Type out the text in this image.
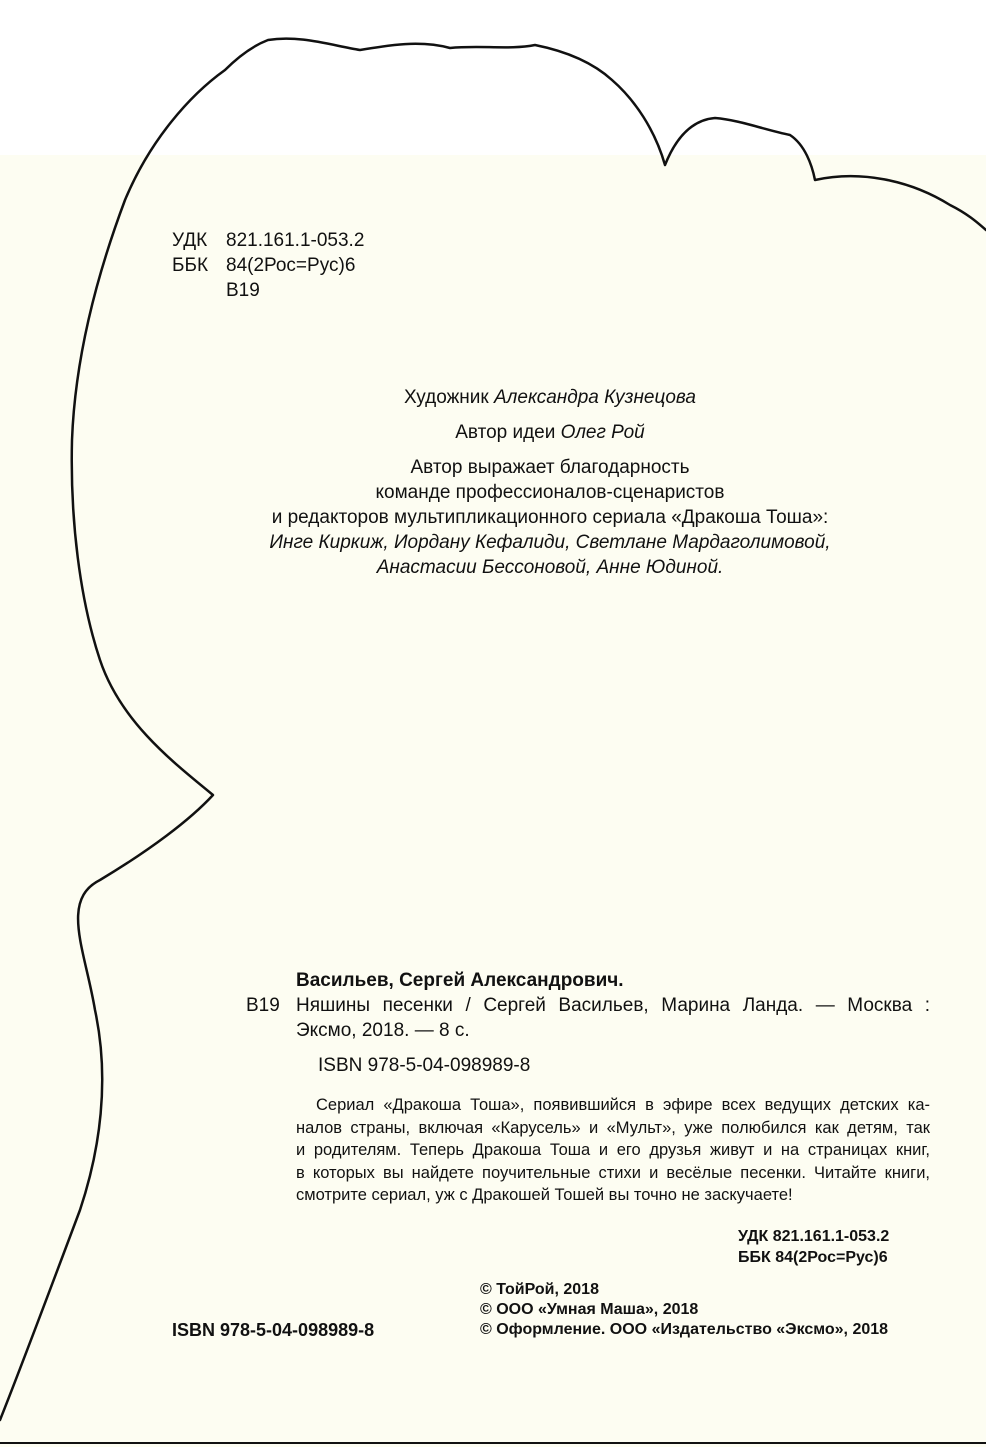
УДК 821.161.1-053.2
ББК 84(2Рос=Рус)6
В19

Художник Александра Кузнецова

Автор идеи Олег Рой

Автор выражает благодарность
команде профессионалов-сценаристов
и редакторов мультипликационного сериала «Дракоша Тоша»:
Инге Киркиж, Иордану Кефалиди, Светлане Мардаголимовой,
Анастасии Бессоновой, Анне Юдиной.
Васильев, Сергей Александрович.
В19 Няшины песенки / Сергей Васильев, Марина Ланда. — Москва :
Эксмо, 2018. — 8 с.
ISBN 978-5-04-098989-8
Сериал «Дракоша Тоша», появившийся в эфире всех ведущих детских ка-
налов страны, включая «Карусель» и «Мульт», уже полюбился как детям, так
и родителям. Теперь Дракоша Тоша и его друзья живут и на страницах книг,
в которых вы найдете поучительные стихи и весёлые песенки. Читайте книги,
смотрите сериал, уж с Дракошей Тошей вы точно не заскучаете!
УДК 821.161.1-053.2
ББК 84(2Рос=Рус)6
© ТойРой, 2018
© ООО «Умная Маша», 2018
© Оформление. ООО «Издательство «Эксмо», 2018
ISBN 978-5-04-098989-8
